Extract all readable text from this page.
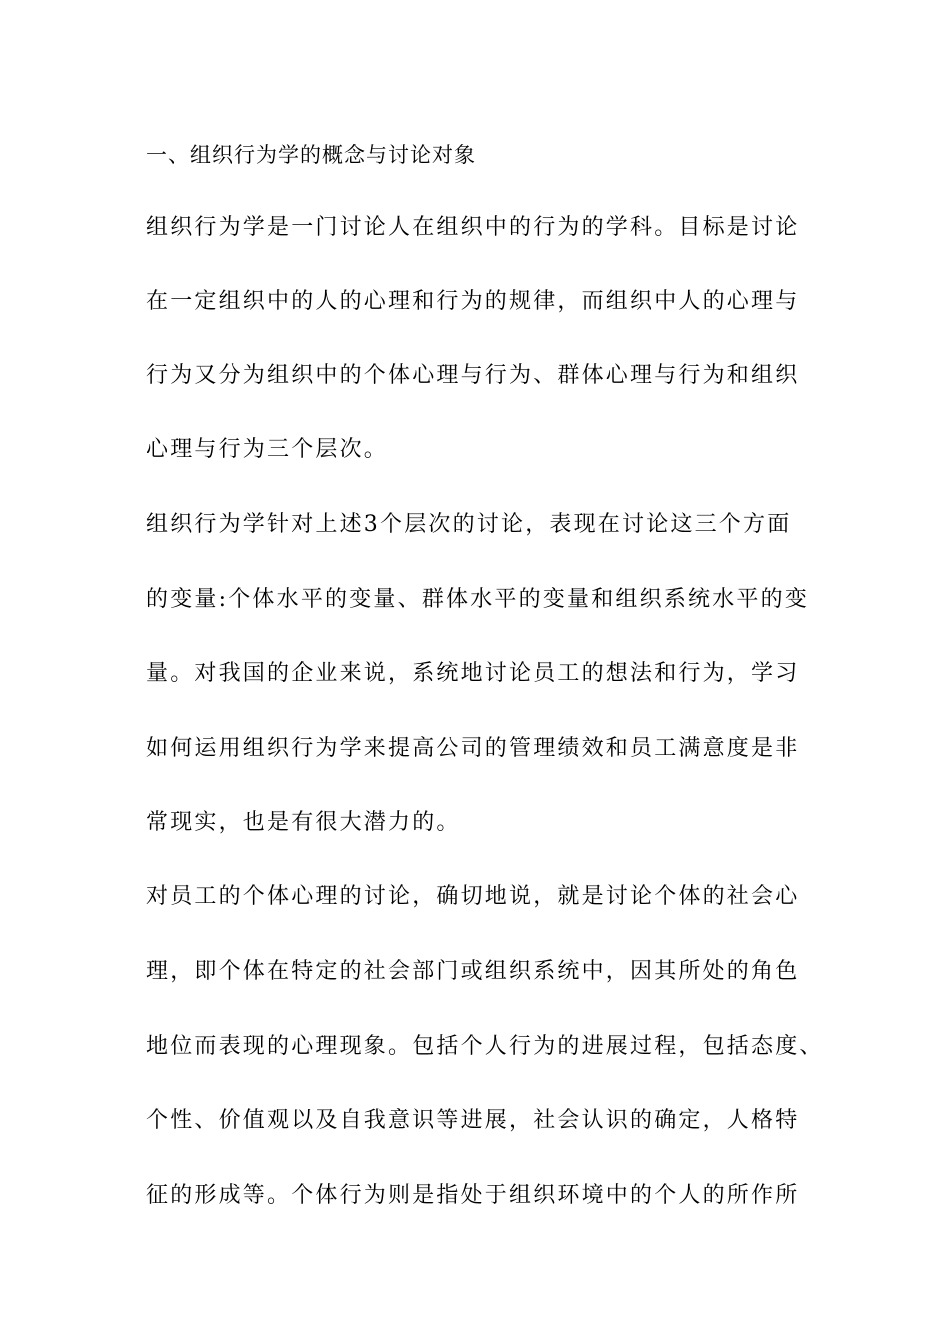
一、组织行为学的概念与讨论对象
组织行为学是一门讨论人在组织中的行为的学科。目标是讨论
在一定组织中的人的心理和行为的规律，而组织中人的心理与
行为又分为组织中的个体心理与行为、群体心理与行为和组织
心理与行为三个层次。
组织行为学针对上述3个层次的讨论，表现在讨论这三个方面
的变量:个体水平的变量、群体水平的变量和组织系统水平的变
量。对我国的企业来说，系统地讨论员工的想法和行为，学习
如何运用组织行为学来提高公司的管理绩效和员工满意度是非
常现实，也是有很大潜力的。
对员工的个体心理的讨论，确切地说，就是讨论个体的社会心
理，即个体在特定的社会部门或组织系统中，因其所处的角色
地位而表现的心理现象。包括个人行为的进展过程，包括态度、
个性、价值观以及自我意识等进展，社会认识的确定，人格特
征的形成等。个体行为则是指处于组织环境中的个人的所作所
